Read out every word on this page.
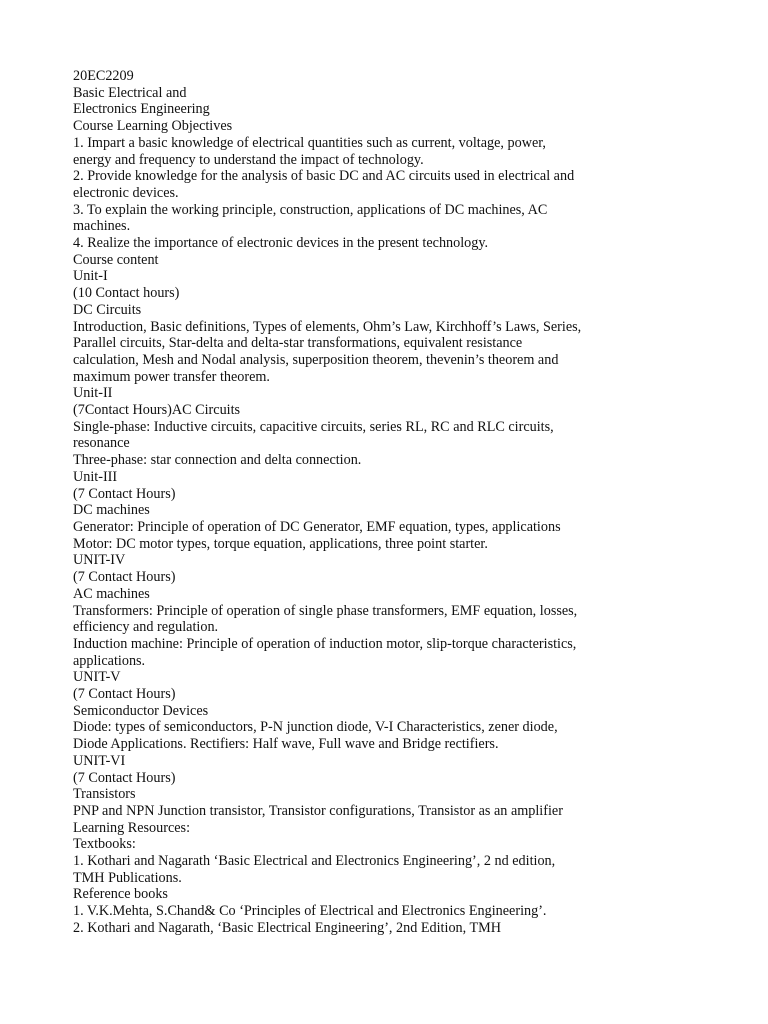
20EC2209
Basic Electrical and
Electronics Engineering
Course Learning Objectives
1. Impart a basic knowledge of electrical quantities such as current, voltage, power,
energy and frequency to understand the impact of technology.
2. Provide knowledge for the analysis of basic DC and AC circuits used in electrical and
electronic devices.
3. To explain the working principle, construction, applications of DC machines, AC
machines.
4. Realize the importance of electronic devices in the present technology.
Course content
Unit-I
(10 Contact hours)
DC Circuits
Introduction, Basic definitions, Types of elements, Ohm’s Law, Kirchhoff’s Laws, Series,
Parallel circuits, Star-delta and delta-star transformations, equivalent resistance
calculation, Mesh and Nodal analysis, superposition theorem, thevenin’s theorem and
maximum power transfer theorem.
Unit-II
(7Contact Hours)AC Circuits
Single-phase: Inductive circuits, capacitive circuits, series RL, RC and RLC circuits,
resonance
Three-phase: star connection and delta connection.
Unit-III
(7 Contact Hours)
DC machines
Generator: Principle of operation of DC Generator, EMF equation, types, applications
Motor: DC motor types, torque equation, applications, three point starter.
UNIT-IV
(7 Contact Hours)
AC machines
Transformers: Principle of operation of single phase transformers, EMF equation, losses,
efficiency and regulation.
Induction machine: Principle of operation of induction motor, slip-torque characteristics,
applications.
UNIT-V
(7 Contact Hours)
Semiconductor Devices
Diode: types of semiconductors, P-N junction diode, V-I Characteristics, zener diode,
Diode Applications. Rectifiers: Half wave, Full wave and Bridge rectifiers.
UNIT-VI
(7 Contact Hours)
Transistors
PNP and NPN Junction transistor, Transistor configurations, Transistor as an amplifier
Learning Resources:
Textbooks:
1. Kothari and Nagarath ‘Basic Electrical and Electronics Engineering’, 2 nd edition,
TMH Publications.
Reference books
1. V.K.Mehta, S.Chand& Co ‘Principles of Electrical and Electronics Engineering’.
2. Kothari and Nagarath, ‘Basic Electrical Engineering’, 2nd Edition, TMH
